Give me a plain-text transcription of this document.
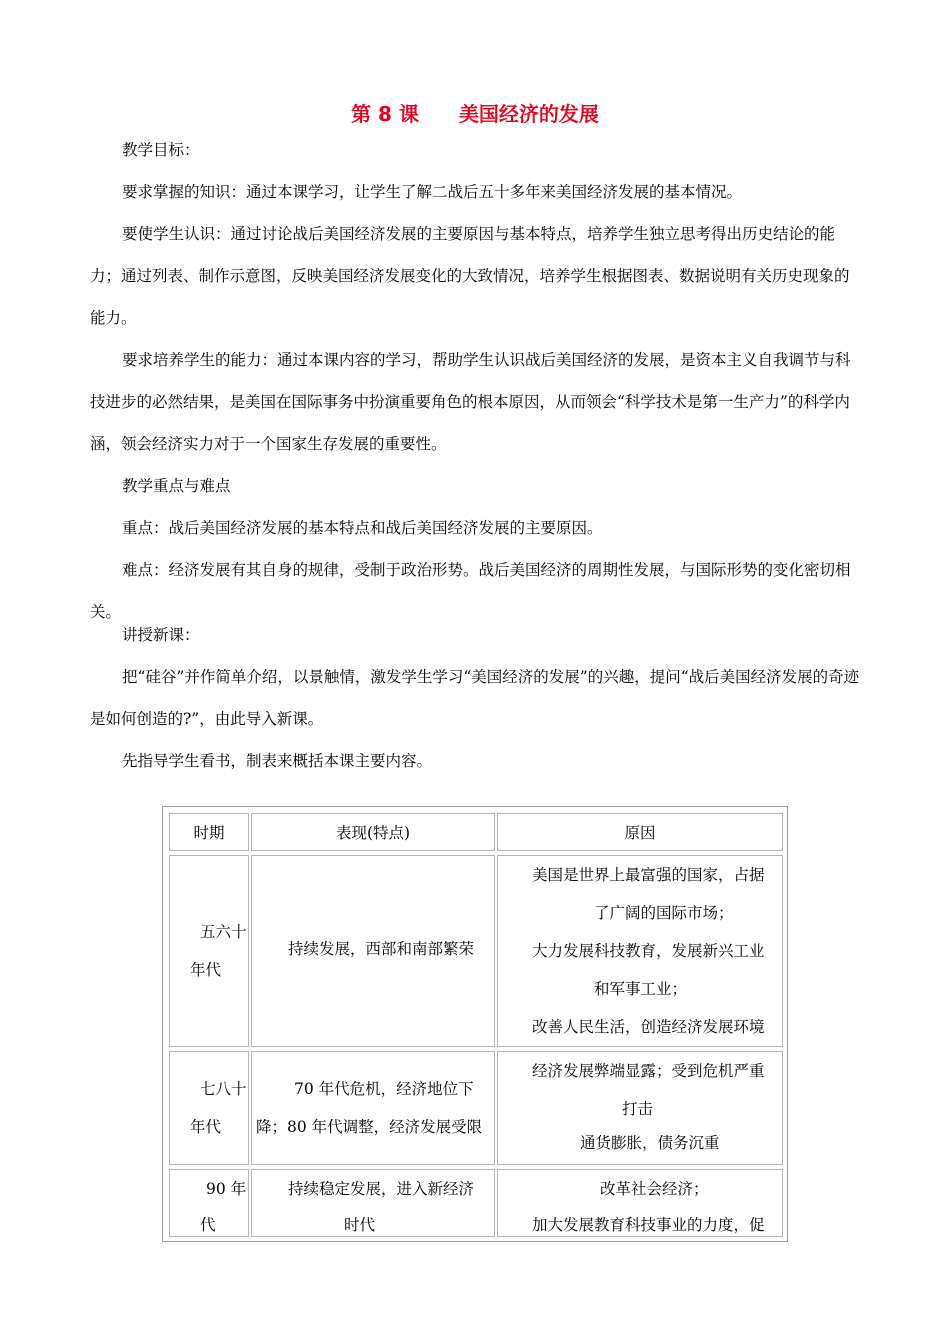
第 8 课　　美国经济的发展

教学目标：

要求掌握的知识：通过本课学习，让学生了解二战后五十多年来美国经济发展的基本情况。

要使学生认识：通过讨论战后美国经济发展的主要原因与基本特点，培养学生独立思考得出历史结论的能力；通过列表、制作示意图，反映美国经济发展变化的大致情况，培养学生根据图表、数据说明有关历史现象的能力。

要求培养学生的能力：通过本课内容的学习，帮助学生认识战后美国经济的发展，是资本主义自我调节与科技进步的必然结果，是美国在国际事务中扮演重要角色的根本原因，从而领会“科学技术是第一生产力”的科学内涵，领会经济实力对于一个国家生存发展的重要性。

教学重点与难点

重点：战后美国经济发展的基本特点和战后美国经济发展的主要原因。

难点：经济发展有其自身的规律，受制于政治形势。战后美国经济的周期性发展，与国际形势的变化密切相关。

讲授新课：

把“硅谷”并作简单介绍，以景触情，激发学生学习“美国经济的发展”的兴趣，提问“战后美国经济发展的奇迹是如何创造的?”，由此导入新课。

先指导学生看书，制表来概括本课主要内容。

时期	表现(特点)	原因
五六十
年代
持续发展，西部和南部繁荣
美国是世界上最富强的国家，占据
了广阔的国际市场；
大力发展科技教育，发展新兴工业
和军事工业；
改善人民生活，创造经济发展环境
七八十
年代
70 年代危机，经济地位下
降；80 年代调整，经济发展受限
经济发展弊端显露；受到危机严重
打击
通货膨胀，债务沉重
90 年
代
持续稳定发展，进入新经济
时代
改革社会经济；
加大发展教育科技事业的力度，促
